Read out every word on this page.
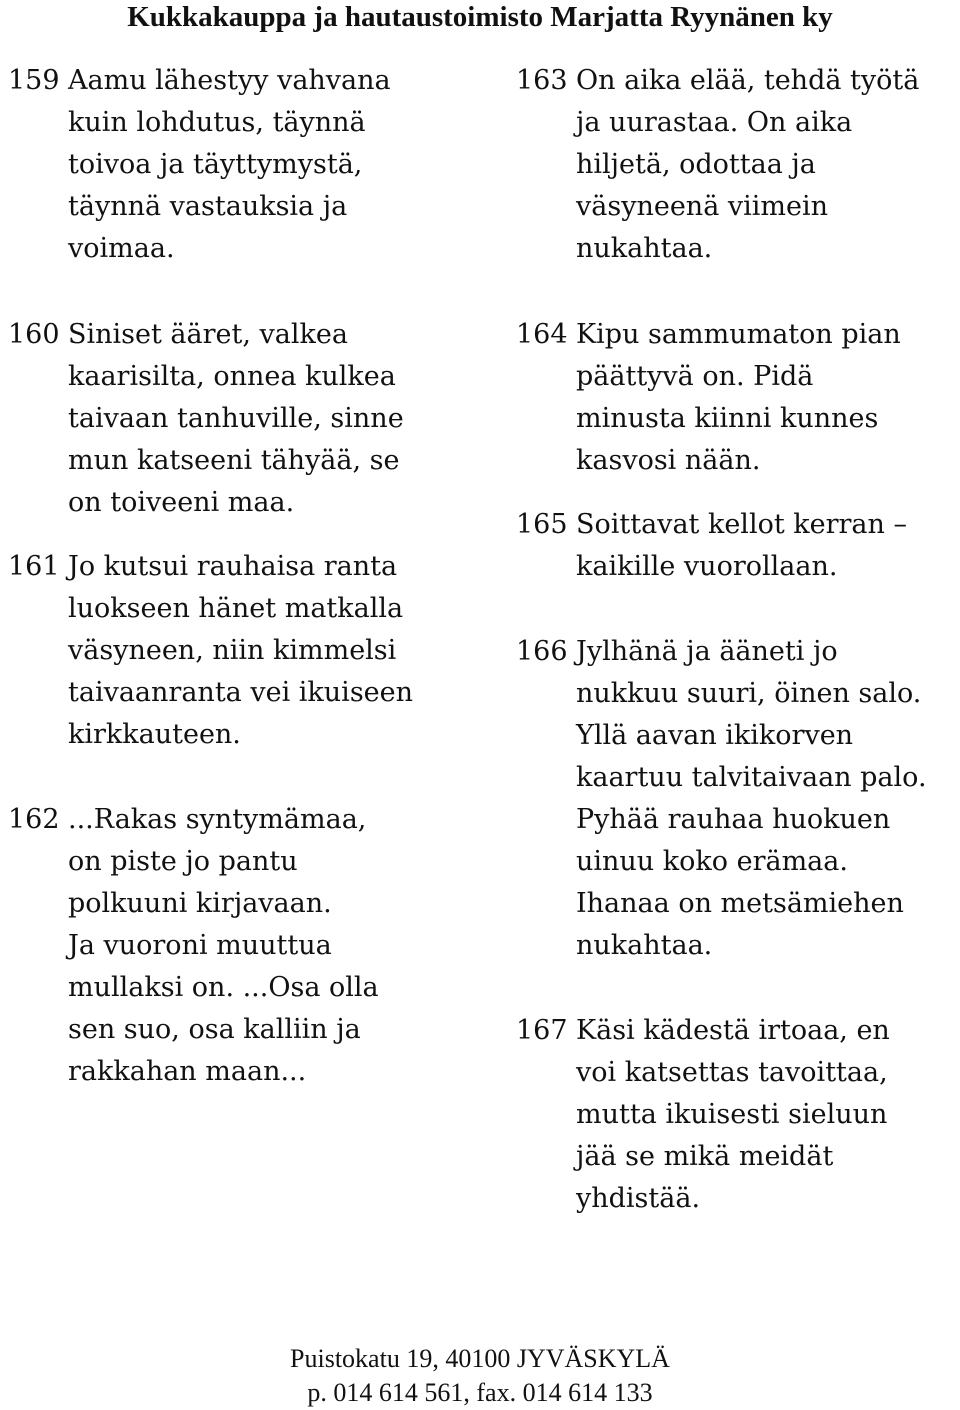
Kukkakauppa ja hautaustoimisto Marjatta Ryynänen ky
159 Aamu lähestyy vahvana
kuin lohdutus, täynnä
toivoa ja täyttymystä,
täynnä vastauksia ja
voimaa.
160 Siniset ääret, valkea
kaarisilta, onnea kulkea
taivaan tanhuville, sinne
mun katseeni tähyää, se
on toiveeni maa.
161 Jo kutsui rauhaisa ranta
luokseen hänet matkalla
väsyneen, niin kimmelsi
taivaanranta vei ikuiseen
kirkkauteen.
162 ...Rakas syntymämaa,
on piste jo pantu
polkuuni kirjavaan.
Ja vuoroni muuttua
mullaksi on. ...Osa olla
sen suo, osa kalliin ja
rakkahan maan...
163 On aika elää, tehdä työtä
ja uurastaa. On aika
hiljetä, odottaa ja
väsyneenä viimein
nukahtaa.
164 Kipu sammumaton pian
päättyvä on. Pidä
minusta kiinni kunnes
kasvosi nään.
165 Soittavat kellot kerran –
kaikille vuorollaan.
166 Jylhänä ja ääneti jo
nukkuu suuri, öinen salo.
Yllä aavan ikikorven
kaartuu talvitaivaan palo.
Pyhää rauhaa huokuen
uinuu koko erämaa.
Ihanaa on metsämiehen
nukahtaa.
167 Käsi kädestä irtoaa, en
voi katsettas tavoittaa,
mutta ikuisesti sieluun
jää se mikä meidät
yhdistää.
Puistokatu 19, 40100 JYVÄSKYLÄ
p. 014 614 561, fax. 014 614 133
